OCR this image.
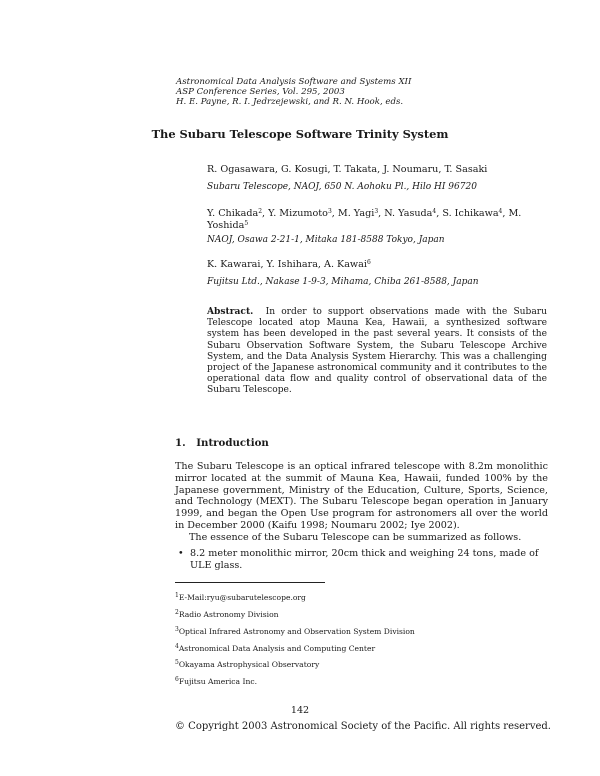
Astronomical Data Analysis Software and Systems XII
ASP Conference Series, Vol. 295, 2003
H. E. Payne, R. I. Jedrzejewski, and R. N. Hook, eds.
The Subaru Telescope Software Trinity System
R. Ogasawara, G. Kosugi, T. Takata, J. Noumaru, T. Sasaki
Subaru Telescope, NAOJ, 650 N. Aohoku Pl., Hilo HI 96720
Y. Chikada$^2$, Y. Mizumoto$^3$, M. Yagi$^3$, N. Yasuda$^4$, S. Ichikawa$^4$, M. Yoshida$^5$
NAOJ, Osawa 2-21-1, Mitaka 181-8588 Tokyo, Japan
K. Kawarai, Y. Ishihara, A. Kawai$^6$
Fujitsu Ltd., Nakase 1-9-3, Mihama, Chiba 261-8588, Japan
Abstract. In order to support observations made with the Subaru Telescope located atop Mauna Kea, Hawaii, a synthesized software system has been developed in the past several years. It consists of the Subaru Observation Software System, the Subaru Telescope Archive System, and the Data Analysis System Hierarchy. This was a challenging project of the Japanese astronomical community and it contributes to the operational data flow and quality control of observational data of the Subaru Telescope.
1. Introduction
The Subaru Telescope is an optical infrared telescope with 8.2m monolithic mirror located at the summit of Mauna Kea, Hawaii, funded 100% by the Japanese government, Ministry of the Education, Culture, Sports, Science, and Technology (MEXT). The Subaru Telescope began operation in January 1999, and began the Open Use program for astronomers all over the world in December 2000 (Kaifu 1998; Noumaru 2002; Iye 2002).
The essence of the Subaru Telescope can be summarized as follows.
• 8.2 meter monolithic mirror, 20cm thick and weighing 24 tons, made of ULE glass.
$^1$E-Mail:ryu@subarutelescope.org
$^2$Radio Astronomy Division
$^3$Optical Infrared Astronomy and Observation System Division
$^4$Astronomical Data Analysis and Computing Center
$^5$Okayama Astrophysical Observatory
$^6$Fujitsu America Inc.
142
© Copyright 2003 Astronomical Society of the Pacific. All rights reserved.
